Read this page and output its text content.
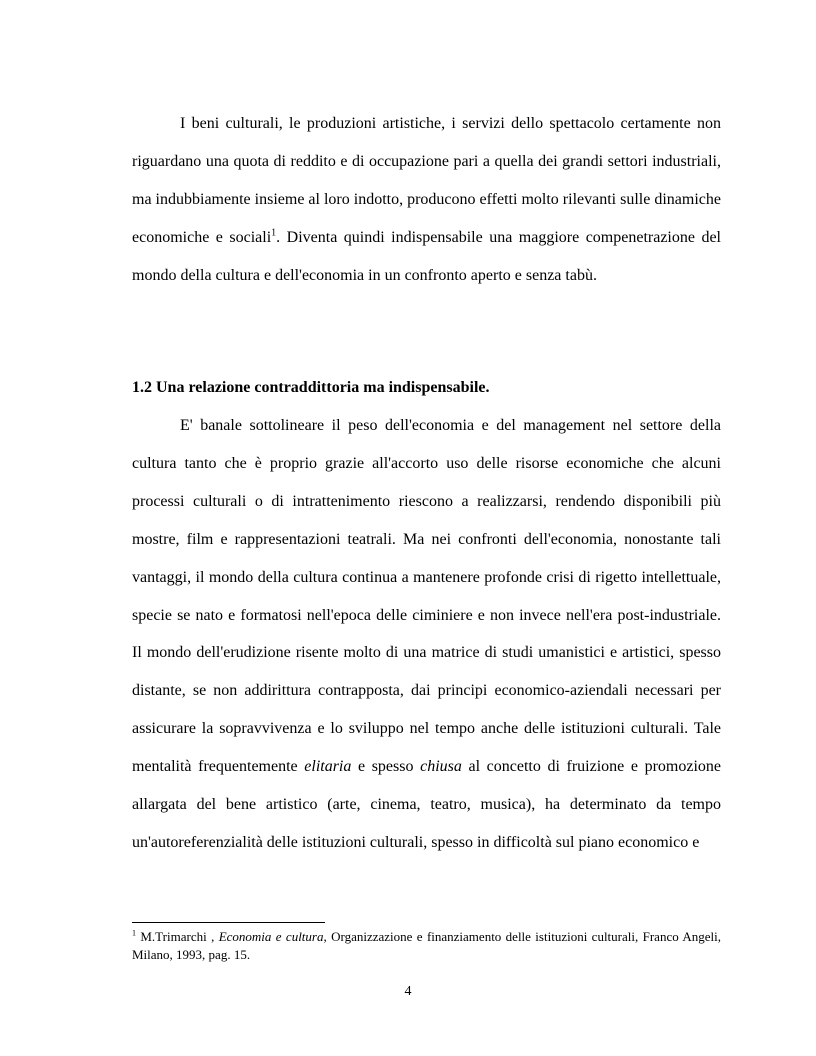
I beni culturali, le produzioni artistiche, i servizi dello spettacolo certamente non riguardano una quota di reddito e di occupazione pari a quella dei grandi settori industriali, ma indubbiamente insieme al loro indotto, producono effetti molto rilevanti sulle dinamiche economiche e sociali$^1$. Diventa quindi indispensabile una maggiore compenetrazione del mondo della cultura e dell'economia in un confronto aperto e senza tabù.

1.2 Una relazione contraddittoria ma indispensabile.

E' banale sottolineare il peso dell'economia e del management nel settore della cultura tanto che è proprio grazie all'accorto uso delle risorse economiche che alcuni processi culturali o di intrattenimento riescono a realizzarsi, rendendo disponibili più mostre, film e rappresentazioni teatrali. Ma nei confronti dell'economia, nonostante tali vantaggi, il mondo della cultura continua a mantenere profonde crisi di rigetto intellettuale, specie se nato e formatosi nell'epoca delle ciminiere e non invece nell'era post-industriale. Il mondo dell'erudizione risente molto di una matrice di studi umanistici e artistici, spesso distante, se non addirittura contrapposta, dai principi economico-aziendali necessari per assicurare la sopravvivenza e lo sviluppo nel tempo anche delle istituzioni culturali. Tale mentalità frequentemente elitaria e spesso chiusa al concetto di fruizione e promozione allargata del bene artistico (arte, cinema, teatro, musica), ha determinato da tempo un'autoreferenzialità delle istituzioni culturali, spesso in difficoltà sul piano economico e

$^1$ M.Trimarchi , Economia e cultura, Organizzazione e finanziamento delle istituzioni culturali, Franco Angeli, Milano, 1993, pag. 15.

4
